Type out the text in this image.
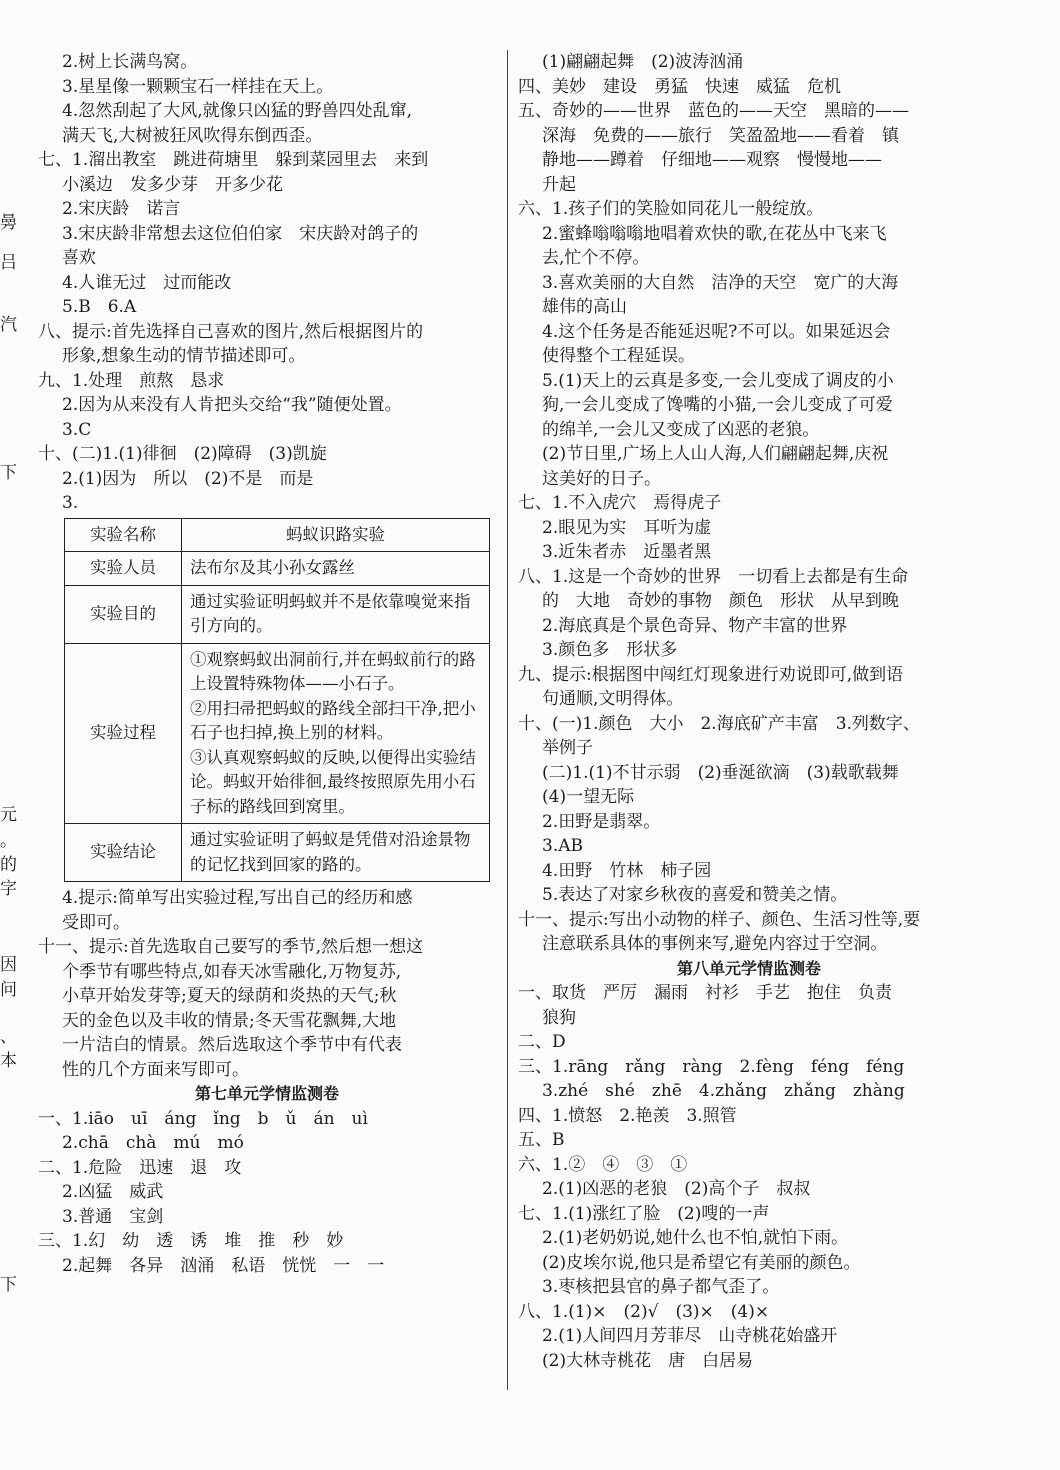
㬅
吕
汽
下
元
。
的
字
因
问
、
本
下
2.树上长满鸟窝。
3.星星像一颗颗宝石一样挂在天上。
4.忽然刮起了大风,就像只凶猛的野兽四处乱窜,
满天飞,大树被狂风吹得东倒西歪。
七、1.溜出教室　跳进荷塘里　躲到菜园里去　来到
小溪边　发多少芽　开多少花
2.宋庆龄　诺言
3.宋庆龄非常想去这位伯伯家　宋庆龄对鸽子的
喜欢
4.人谁无过　过而能改
5.B　6.A
八、提示:首先选择自己喜欢的图片,然后根据图片的
形象,想象生动的情节描述即可。
九、1.处理　煎熬　恳求
2.因为从来没有人肯把头交给“我”随便处置。
3.C
十、(二)1.(1)徘徊　(2)障碍　(3)凯旋
2.(1)因为　所以　(2)不是　而是
3.
实验名称	蚂蚁识路实验
实验人员	法布尔及其小孙女露丝
实验目的	通过实验证明蚂蚁并不是依靠嗅觉来指引方向的。
实验过程	①观察蚂蚁出洞前行,并在蚂蚁前行的路上设置特殊物体——小石子。
②用扫帚把蚂蚁的路线全部扫干净,把小石子也扫掉,换上别的材料。
③认真观察蚂蚁的反映,以便得出实验结论。蚂蚁开始徘徊,最终按照原先用小石子标的路线回到窝里。

实验结论	通过实验证明了蚂蚁是凭借对沿途景物的记忆找到回家的路的。
4.提示:简单写出实验过程,写出自己的经历和感
受即可。
十一、提示:首先选取自己要写的季节,然后想一想这
个季节有哪些特点,如春天冰雪融化,万物复苏,
小草开始发芽等;夏天的绿荫和炎热的天气;秋
天的金色以及丰收的情景;冬天雪花飘舞,大地
一片洁白的情景。然后选取这个季节中有代表
性的几个方面来写即可。
第七单元学情监测卷
一、1.iāo　uī　áng　ǐng　b　ǔ　án　uì
2.chā　chà　mú　mó
二、1.危险　迅速　退　攻
2.凶猛　威武
3.普通　宝剑
三、1.幻　幼　透　诱　堆　推　秒　妙
2.起舞　各异　汹涌　私语　恍恍　一　一
(1)翩翩起舞　(2)波涛汹涌
四、美妙　建设　勇猛　快速　威猛　危机
五、奇妙的——世界　蓝色的——天空　黑暗的——
深海　免费的——旅行　笑盈盈地——看着　镇
静地——蹲着　仔细地——观察　慢慢地——
升起
六、1.孩子们的笑脸如同花儿一般绽放。
2.蜜蜂嗡嗡嗡地唱着欢快的歌,在花丛中飞来飞
去,忙个不停。
3.喜欢美丽的大自然　洁净的天空　宽广的大海
雄伟的高山
4.这个任务是否能延迟呢?不可以。如果延迟会
使得整个工程延误。
5.(1)天上的云真是多变,一会儿变成了调皮的小
狗,一会儿变成了馋嘴的小猫,一会儿变成了可爱
的绵羊,一会儿又变成了凶恶的老狼。
(2)节日里,广场上人山人海,人们翩翩起舞,庆祝
这美好的日子。
七、1.不入虎穴　焉得虎子
2.眼见为实　耳听为虚
3.近朱者赤　近墨者黑
八、1.这是一个奇妙的世界　一切看上去都是有生命
的　大地　奇妙的事物　颜色　形状　从早到晚
2.海底真是个景色奇异、物产丰富的世界
3.颜色多　形状多
九、提示:根据图中闯红灯现象进行劝说即可,做到语
句通顺,文明得体。
十、(一)1.颜色　大小　2.海底矿产丰富　3.列数字、
举例子
(二)1.(1)不甘示弱　(2)垂涎欲滴　(3)载歌载舞
(4)一望无际
2.田野是翡翠。
3.AB
4.田野　竹林　柿子园
5.表达了对家乡秋夜的喜爱和赞美之情。
十一、提示:写出小动物的样子、颜色、生活习性等,要
注意联系具体的事例来写,避免内容过于空洞。
第八单元学情监测卷
一、取货　严厉　漏雨　衬衫　手艺　抱住　负责
狼狗
二、D
三、1.rāng　rǎng　ràng　2.fèng　féng　féng
3.zhé　shé　zhē　4.zhǎng　zhǎng　zhàng
四、1.愤怒　2.艳羡　3.照管
五、B
六、1.②　④　③　①
2.(1)凶恶的老狼　(2)高个子　叔叔
七、1.(1)涨红了脸　(2)嗖的一声
2.(1)老奶奶说,她什么也不怕,就怕下雨。
(2)皮埃尔说,他只是希望它有美丽的颜色。
3.枣核把县官的鼻子都气歪了。
八、1.(1)×　(2)√　(3)×　(4)×
2.(1)人间四月芳菲尽　山寺桃花始盛开
(2)大林寺桃花　唐　白居易
